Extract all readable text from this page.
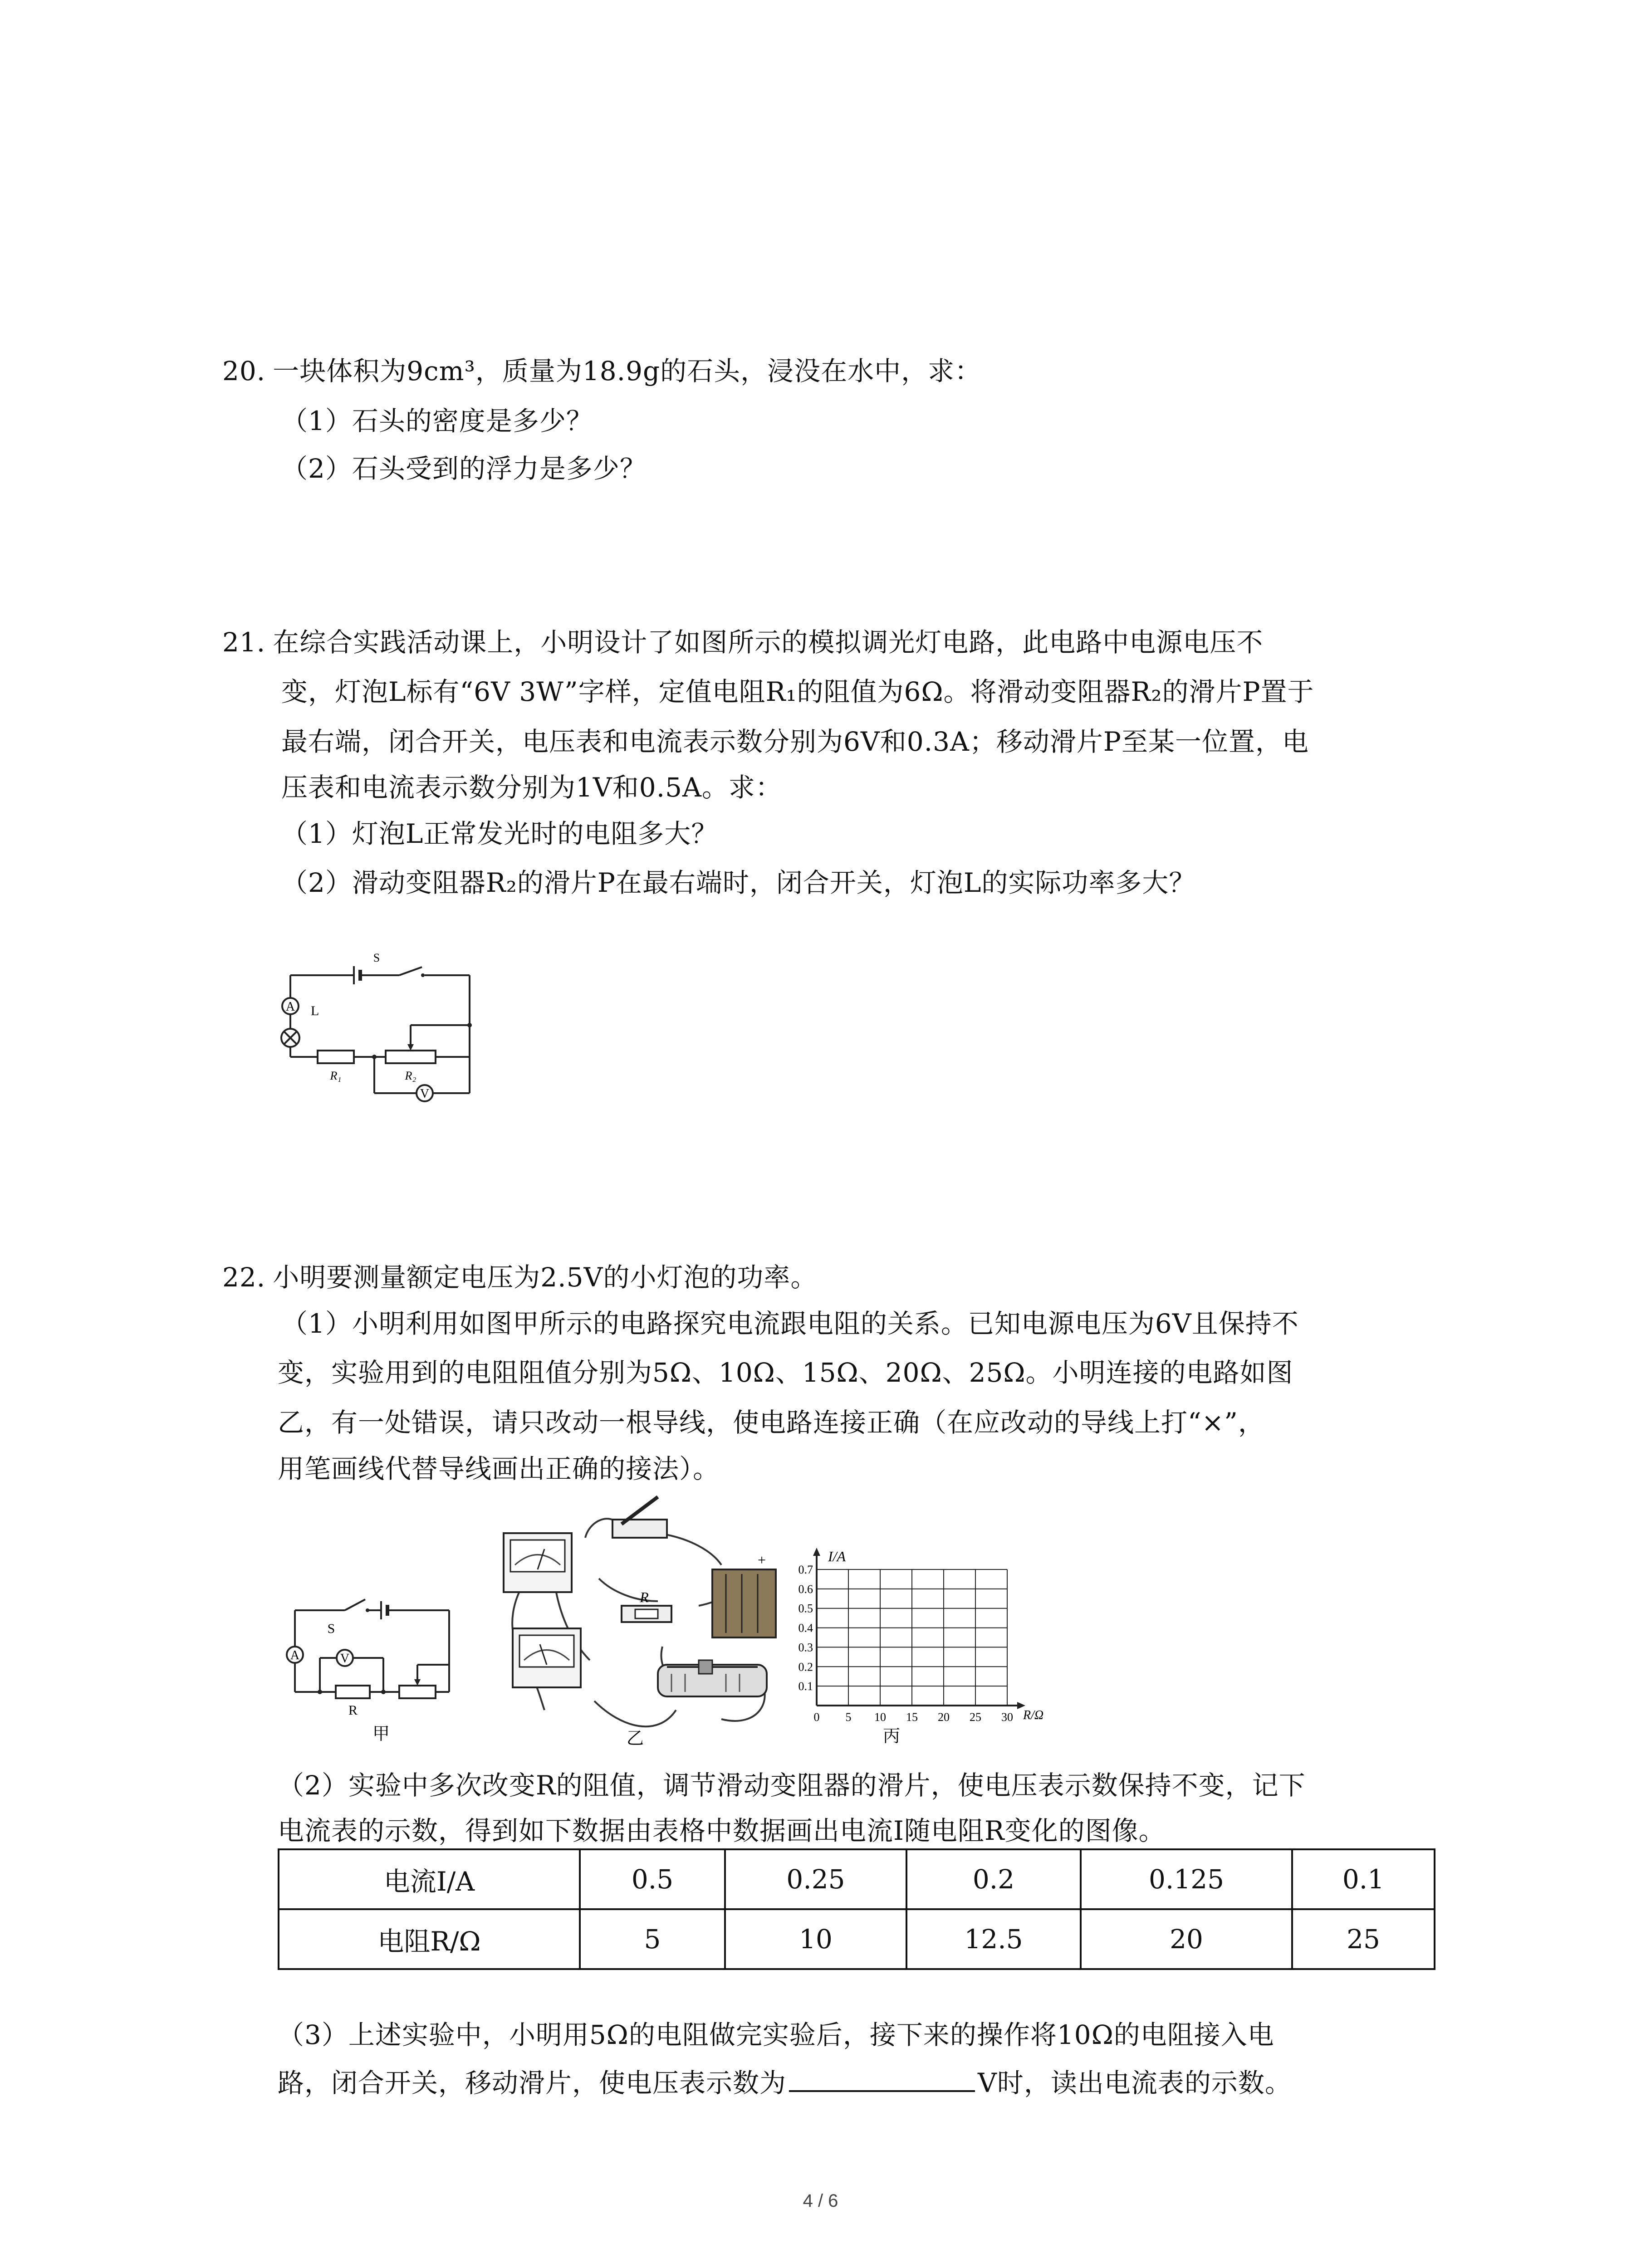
20. 一块体积为9cm³，质量为18.9g的石头，浸没在水中，求：
（1）石头的密度是多少？
（2）石头受到的浮力是多少？
21. 在综合实践活动课上，小明设计了如图所示的模拟调光灯电路，此电路中电源电压不
变，灯泡L标有“6V 3W”字样，定值电阻R₁的阻值为6Ω。将滑动变阻器R₂的滑片P置于
最右端，闭合开关，电压表和电流表示数分别为6V和0.3A；移动滑片P至某一位置，电
压表和电流表示数分别为1V和0.5A。求：
（1）灯泡L正常发光时的电阻多大？
（2）滑动变阻器R₂的滑片P在最右端时，闭合开关，灯泡L的实际功率多大？
A L
S
R₁	R₂
V
22. 小明要测量额定电压为2.5V的小灯泡的功率。
（1）小明利用如图甲所示的电路探究电流跟电阻的关系。已知电源电压为6V且保持不
变，实验用到的电阻阻值分别为5Ω、10Ω、15Ω、20Ω、25Ω。小明连接的电路如图
乙，有一处错误，请只改动一根导线，使电路连接正确（在应改动的导线上打“×”，
用笔画线代替导线画出正确的接法）。
A	V
S
R
甲
+
R
乙
0 5 10 15 20 25 30
0.1
0.2
0.3
0.4
0.5
0.6
0.7
I/A
R/Ω
丙
（2）实验中多次改变R的阻值，调节滑动变阻器的滑片，使电压表示数保持不变，记下
电流表的示数，得到如下数据由表格中数据画出电流I随电阻R变化的图像。
电流I/A	0.5	0.25	0.2	0.125	0.1
电阻R/Ω	5	10	12.5	20	25
（3）上述实验中，小明用5Ω的电阻做完实验后，接下来的操作将10Ω的电阻接入电
路，闭合开关，移动滑片，使电压表示数为	V时，读出电流表的示数。
4 / 6
